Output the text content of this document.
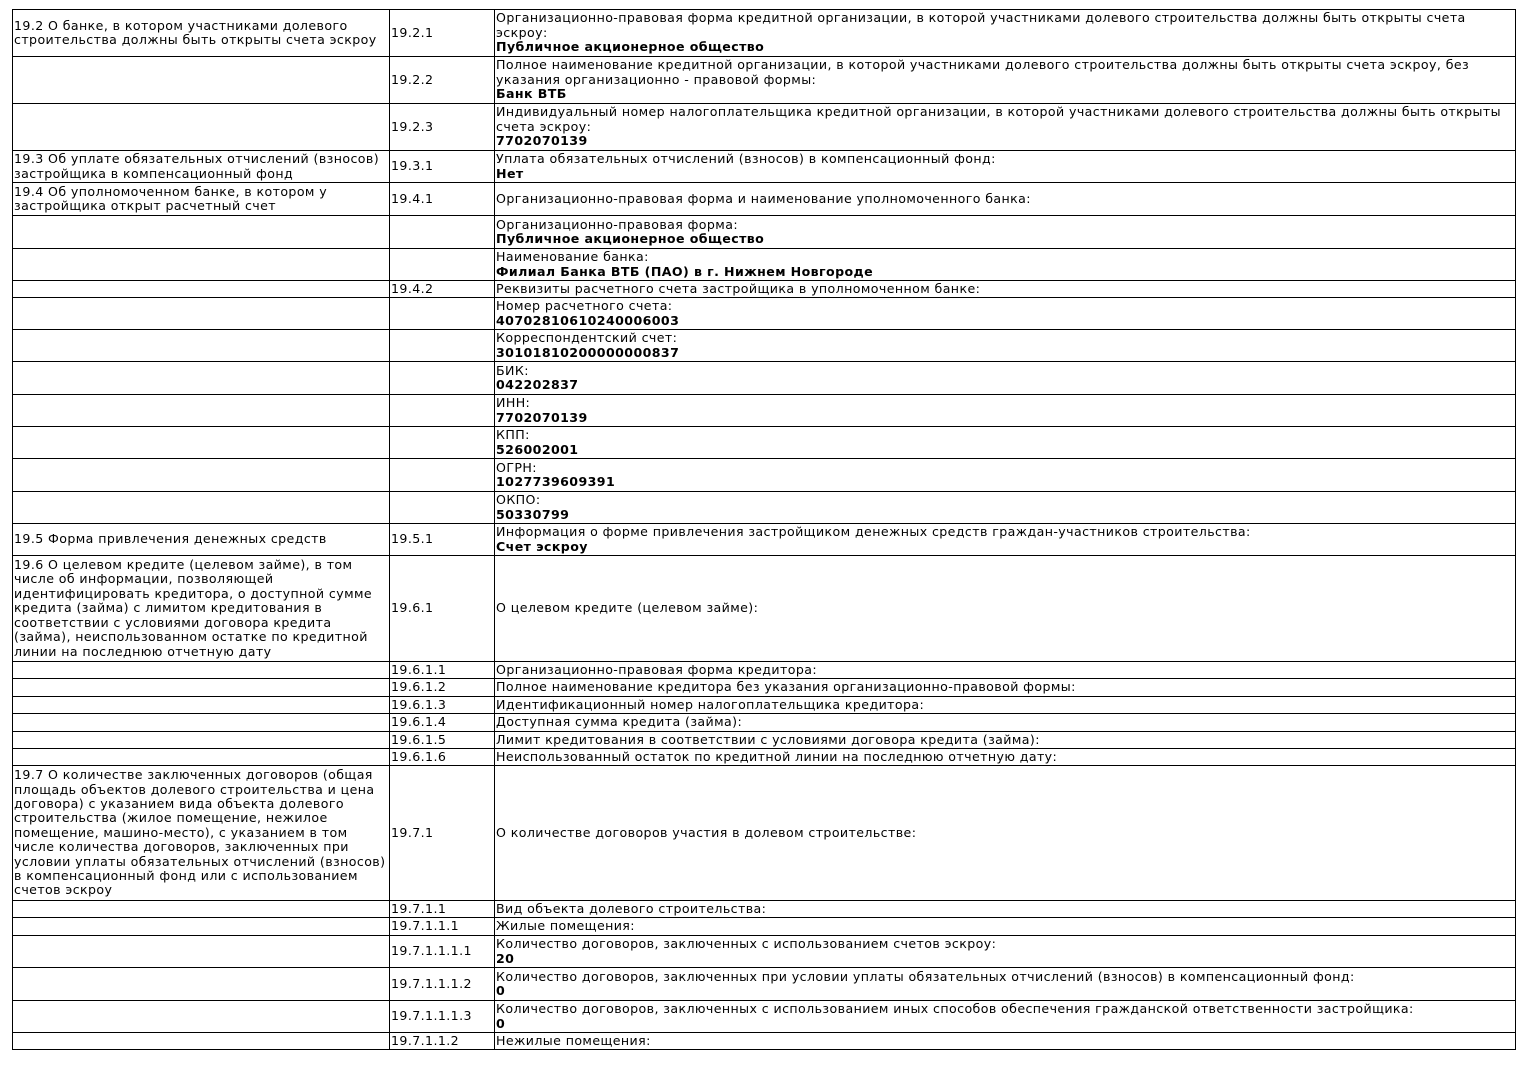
19.2 О банке, в котором участниками долевого строительства должны быть открыты счета эскроу	19.2.1	Организационно-правовая форма кредитной организации, в которой участниками долевого строительства должны быть открыты счета эскроу:
Публичное акционерное общество

	19.2.2	Полное наименование кредитной организации, в которой участниками долевого строительства должны быть открыты счета эскроу, без указания организационно - правовой формы:
Банк ВТБ

	19.2.3	Индивидуальный номер налогоплательщика кредитной организации, в которой участниками долевого строительства должны быть открыты счета эскроу:
7702070139

19.3 Об уплате обязательных отчислений (взносов) застройщика в компенсационный фонд	19.3.1	Уплата обязательных отчислений (взносов) в компенсационный фонд:
Нет

19.4 Об уполномоченном банке, в котором у застройщика открыт расчетный счет	19.4.1	Организационно-правовая форма и наименование уполномоченного банка:

		Организационно-правовая форма:
Публичное акционерное общество

		Наименование банка:
Филиал Банка ВТБ (ПАО) в г. Нижнем Новгороде

	19.4.2	Реквизиты расчетного счета застройщика в уполномоченном банке:

		Номер расчетного счета:
40702810610240006003

		Корреспондентский счет:
30101810200000000837

		БИК:
042202837

		ИНН:
7702070139

		КПП:
526002001

		ОГРН:
1027739609391

		ОКПО:
50330799

19.5 Форма привлечения денежных средств	19.5.1	Информация о форме привлечения застройщиком денежных средств граждан-участников строительства:
Счет эскроу

19.6 О целевом кредите (целевом займе), в том числе об информации, позволяющей идентифицировать кредитора, о доступной сумме кредита (займа) с лимитом кредитования в соответствии с условиями договора кредита (займа), неиспользованном остатке по кредитной линии на последнюю отчетную дату	19.6.1	О целевом кредите (целевом займе):

	19.6.1.1	Организационно-правовая форма кредитора:

	19.6.1.2	Полное наименование кредитора без указания организационно-правовой формы:

	19.6.1.3	Идентификационный номер налогоплательщика кредитора:

	19.6.1.4	Доступная сумма кредита (займа):

	19.6.1.5	Лимит кредитования в соответствии с условиями договора кредита (займа):

	19.6.1.6	Неиспользованный остаток по кредитной линии на последнюю отчетную дату:

19.7 О количестве заключенных договоров (общая площадь объектов долевого строительства и цена договора) с указанием вида объекта долевого строительства (жилое помещение, нежилое помещение, машино-место), с указанием в том числе количества договоров, заключенных при условии уплаты обязательных отчислений (взносов) в компенсационный фонд или с использованием счетов эскроу	19.7.1	О количестве договоров участия в долевом строительстве:

	19.7.1.1	Вид объекта долевого строительства:

	19.7.1.1.1	Жилые помещения:

	19.7.1.1.1.1	Количество договоров, заключенных с использованием счетов эскроу:
20

	19.7.1.1.1.2	Количество договоров, заключенных при условии уплаты обязательных отчислений (взносов) в компенсационный фонд:
0

	19.7.1.1.1.3	Количество договоров, заключенных с использованием иных способов обеспечения гражданской ответственности застройщика:
0

	19.7.1.1.2	Нежилые помещения:
